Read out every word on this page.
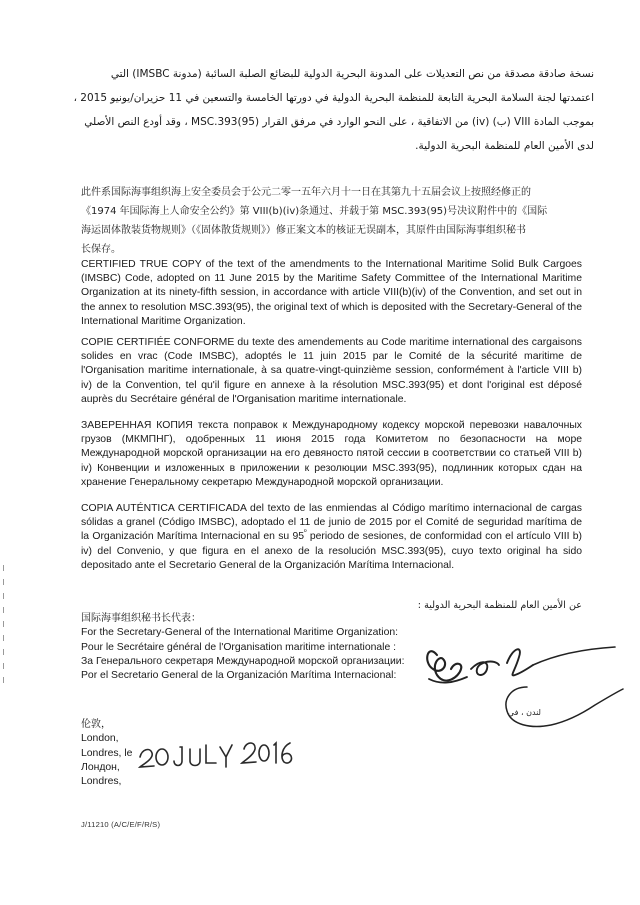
نسخة صادقة مصدقة من نص التعديلات على المدونة البحرية الدولية للبضائع الصلبة السائبة (مدونة IMSBC) التي

اعتمدتها لجنة السلامة البحرية التابعة للمنظمة البحرية الدولية في دورتها الخامسة والتسعين في 11 حزيران/يونيو 2015 ،

بموجب المادة VIII (ب) (iv) من الاتفاقية ، على النحو الوارد في مرفق القرار MSC.393(95) ، وقد أودع النص الأصلي

لدى الأمين العام للمنظمة البحرية الدولية.

此件系国际海事组织海上安全委员会于公元二零一五年六月十一日在其第九十五届会议上按照经修正的

《1974 年国际海上人命安全公约》第 VIII(b)(iv)条通过、并载于第 MSC.393(95)号决议附件中的《国际

海运固体散装货物规则》（《固体散货规则》）修正案文本的核证无误副本，其原件由国际海事组织秘书

长保存。

CERTIFIED TRUE COPY of the text of the amendments to the International Maritime Solid Bulk Cargoes (IMSBC) Code, adopted on 11 June 2015 by the Maritime Safety Committee of the International Maritime Organization at its ninety-fifth session, in accordance with article VIII(b)(iv) of the Convention, and set out in the annex to resolution MSC.393(95), the original text of which is deposited with the Secretary-General of the International Maritime Organization.

COPIE CERTIFIÉE CONFORME du texte des amendements au Code maritime international des cargaisons solides en vrac (Code IMSBC), adoptés le 11 juin 2015 par le Comité de la sécurité maritime de l'Organisation maritime internationale, à sa quatre-vingt-quinzième session, conformément à l'article VIII b) iv) de la Convention, tel qu'il figure en annexe à la résolution MSC.393(95) et dont l'original est déposé auprès du Secrétaire général de l'Organisation maritime internationale.

ЗАВЕРЕННАЯ КОПИЯ текста поправок к Международному кодексу морской перевозки навалочных грузов (МКМПНГ), одобренных 11 июня 2015 года Комитетом по безопасности на море Международной морской организации на его девяносто пятой сессии в соответствии со статьей VIII b) iv) Конвенции и изложенных в приложении к резолюции MSC.393(95), подлинник которых сдан на хранение Генеральному секретарю Международной морской организации.

COPIA AUTÉNTICA CERTIFICADA del texto de las enmiendas al Código marítimo internacional de cargas sólidas a granel (Código IMSBC), adoptado el 11 de junio de 2015 por el Comité de seguridad marítima de la Organización Marítima Internacional en su $95^º$ periodo de sesiones, de conformidad con el artículo VIII b) iv) del Convenio, y que figura en el anexo de la resolución MSC.393(95), cuyo texto original ha sido depositado ante el Secretario General de la Organización Marítima Internacional.

عن الأمين العام للمنظمة البحرية الدولية :
国际海事组织秘书长代表：
For the Secretary-General of the International Maritime Organization:
Pour le Secrétaire général de l'Organisation maritime internationale :
За Генерального секретаря Международной морской организации:
Por el Secretario General de la Organización Marítima Internacional:
لندن ، في
伦敦，
London,
Londres, le
Лондон,
Londres,
J/11210 (A/C/E/F/R/S)
